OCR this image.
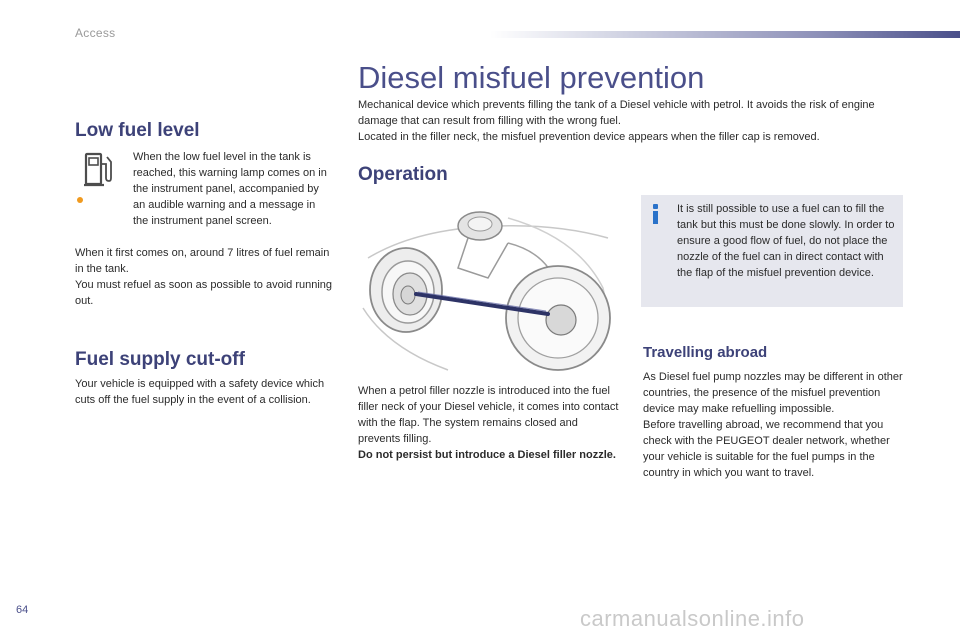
Access
Diesel misfuel prevention

Mechanical device which prevents filling the tank of a Diesel vehicle with petrol. It avoids the risk of engine damage that can result from filling with the wrong fuel.

Located in the filler neck, the misfuel prevention device appears when the filler cap is removed.

Low fuel level
When the low fuel level in the tank is reached, this warning lamp comes on in the instrument panel, accompanied by an audible warning and a message in the instrument panel screen.

When it first comes on, around 7 litres of fuel remain in the tank.

You must refuel as soon as possible to avoid running out.

Fuel supply cut-off
Your vehicle is equipped with a safety device which cuts off the fuel supply in the event of a collision.
Operation

When a petrol filler nozzle is introduced into the fuel filler neck of your Diesel vehicle, it comes into contact with the flap. The system remains closed and prevents filling.

Do not persist but introduce a Diesel filler nozzle.

It is still possible to use a fuel can to fill the tank but this must be done slowly. In order to ensure a good flow of fuel, do not place the nozzle of the fuel can in direct contact with the flap of the misfuel prevention device.
Travelling abroad

As Diesel fuel pump nozzles may be different in other countries, the presence of the misfuel prevention device may make refuelling impossible.

Before travelling abroad, we recommend that you check with the PEUGEOT dealer network, whether your vehicle is suitable for the fuel pumps in the country in which you want to travel.

64	carmanualsonline.info
